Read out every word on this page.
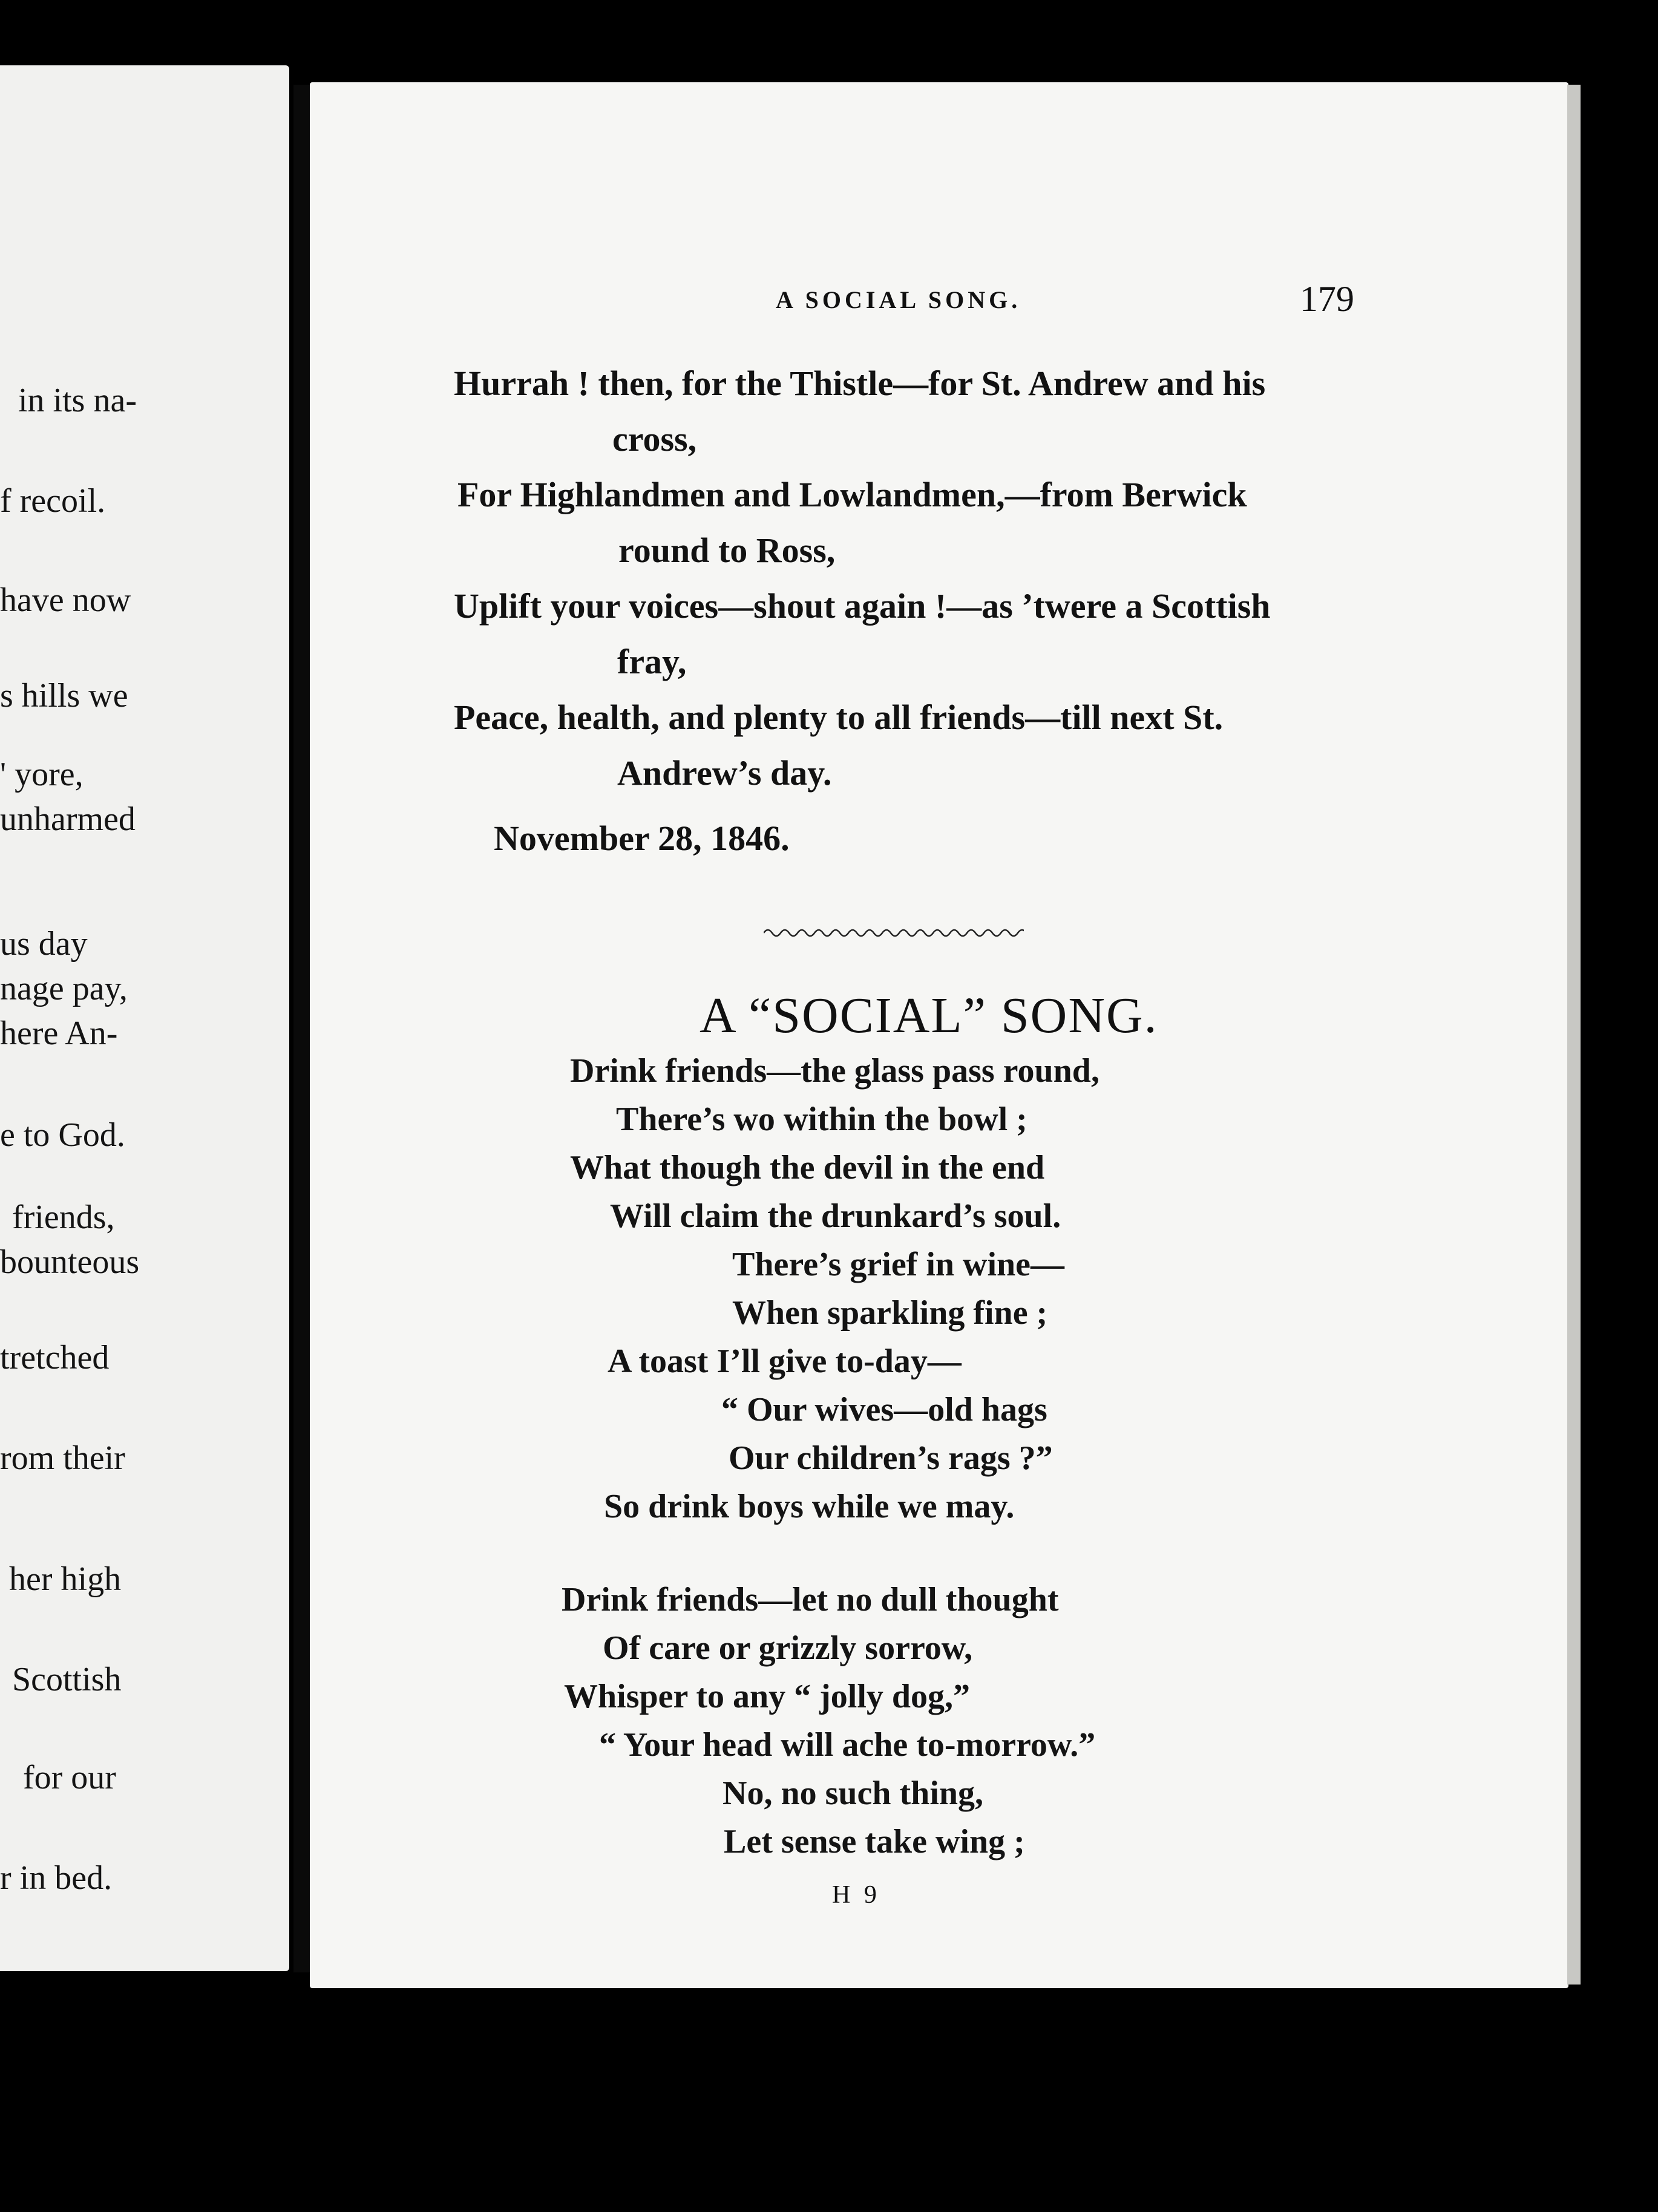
in its na-
f recoil.
have now
s hills we
' yore,
unharmed
us day
nage pay,
here An-
e to God.
friends,
bounteous
tretched
rom their
her high
Scottish
for our
r in bed.
A SOCIAL SONG.	179
Hurrah ! then, for the Thistle—for St. Andrew and his
cross,
For Highlandmen and Lowlandmen,—from Berwick
round to Ross,
Uplift your voices—shout again !—as ’twere a Scottish
fray,
Peace, health, and plenty to all friends—till next St.
Andrew’s day.
November 28, 1846.
A “SOCIAL” SONG.
Drink friends—the glass pass round,
There’s wo within the bowl ;
What though the devil in the end
Will claim the drunkard’s soul.
There’s grief in wine—
When sparkling fine ;
A toast I’ll give to-day—
“ Our wives—old hags
Our children’s rags ?”
So drink boys while we may.
Drink friends—let no dull thought
Of care or grizzly sorrow,
Whisper to any “ jolly dog,”
“ Your head will ache to-morrow.”
No, no such thing,
Let sense take wing ;
H 9
